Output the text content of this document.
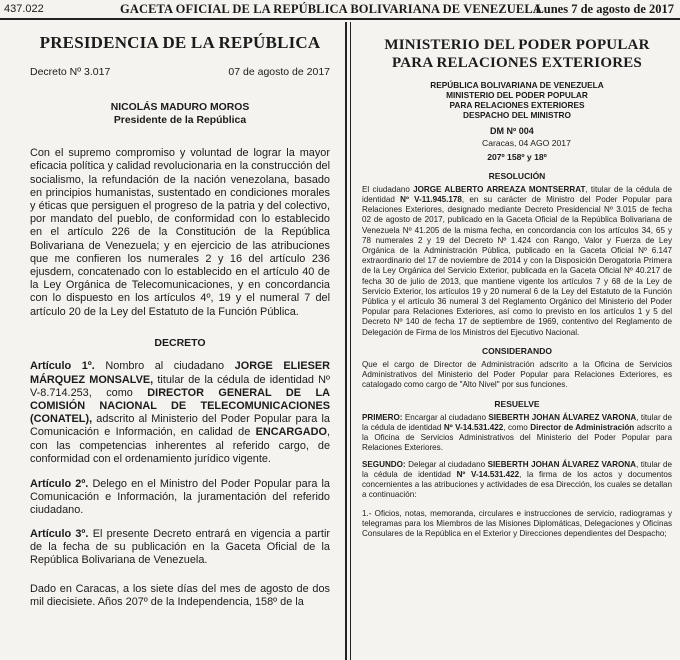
437.022	GACETA OFICIAL DE LA REPÚBLICA BOLIVARIANA DE VENEZUELA
Lunes 7 de agosto de 2017
PRESIDENCIA DE LA REPÚBLICA
Decreto Nº 3.017	07 de agosto de 2017
NICOLÁS MADURO MOROS
Presidente de la República

Con el supremo compromiso y voluntad de lograr la mayor eficacia política y calidad revolucionaria en la construcción del socialismo, la refundación de la nación venezolana, basado en principios humanistas, sustentado en condiciones morales y éticas que persiguen el progreso de la patria y del colectivo, por mandato del pueblo, de conformidad con lo establecido en el artículo 226 de la Constitución de la República Bolivariana de Venezuela; y en ejercicio de las atribuciones que me confieren los numerales 2 y 16 del artículo 236 ejusdem, concatenado con lo establecido en el artículo 40 de la Ley Orgánica de Telecomunicaciones, y en concordancia con lo dispuesto en los artículos 4º, 19 y el numeral 7 del artículo 20 de la Ley del Estatuto de la Función Pública.

DECRETO

Artículo 1º. Nombro al ciudadano JORGE ELIESER MÁRQUEZ MONSALVE, titular de la cédula de identidad Nº V-8.714.253, como DIRECTOR GENERAL DE LA COMISIÓN NACIONAL DE TELECOMUNICACIONES (CONATEL), adscrito al Ministerio del Poder Popular para la Comunicación e Información, en calidad de ENCARGADO, con las competencias inherentes al referido cargo, de conformidad con el ordenamiento jurídico vigente.

Artículo 2º. Delego en el Ministro del Poder Popular para la Comunicación e Información, la juramentación del referido ciudadano.

Artículo 3º. El presente Decreto entrará en vigencia a partir de la fecha de su publicación en la Gaceta Oficial de la República Bolivariana de Venezuela.

Dado en Caracas, a los siete días del mes de agosto de dos mil diecisiete. Años 207º de la Independencia, 158º de la

MINISTERIO DEL PODER POPULAR PARA RELACIONES EXTERIORES
REPÚBLICA BOLIVARIANA DE VENEZUELA
MINISTERIO DEL PODER POPULAR
PARA RELACIONES EXTERIORES
DESPACHO DEL MINISTRO
DM Nº 004
Caracas, 04 AGO 2017
207º 158º y 18º
RESOLUCIÓN

El ciudadano JORGE ALBERTO ARREAZA MONTSERRAT, titular de la cédula de identidad Nº V-11.945.178, en su carácter de Ministro del Poder Popular para Relaciones Exteriores, designado mediante Decreto Presidencial Nº 3.015 de fecha 02 de agosto de 2017, publicado en la Gaceta Oficial de la República Bolivariana de Venezuela Nº 41.205 de la misma fecha, en concordancia con los artículos 34, 65 y 78 numerales 2 y 19 del Decreto Nº 1.424 con Rango, Valor y Fuerza de Ley Orgánica de la Administración Pública, publicado en la Gaceta Oficial Nº 6.147 extraordinario del 17 de noviembre de 2014 y con la Disposición Derogatoria Primera de la Ley Orgánica del Servicio Exterior, publicada en la Gaceta Oficial Nº 40.217 de fecha 30 de julio de 2013, que mantiene vigente los artículos 7 y 68 de la Ley de Servicio Exterior, los artículos 19 y 20 numeral 6 de la Ley del Estatuto de la Función Pública y el artículo 36 numeral 3 del Reglamento Orgánico del Ministerio del Poder Popular para Relaciones Exteriores, así como lo previsto en los artículos 1 y 5 del Decreto Nº 140 de fecha 17 de septiembre de 1969, contentivo del Reglamento de Delegación de Firma de los Ministros del Ejecutivo Nacional.

CONSIDERANDO

Que el cargo de Director de Administración adscrito a la Oficina de Servicios Administrativos del Ministerio del Poder Popular para Relaciones Exteriores, es catalogado como cargo de "Alto Nivel" por sus funciones.

RESUELVE

PRIMERO: Encargar al ciudadano SIEBERTH JOHAN ÁLVAREZ VARONA, titular de la cédula de identidad Nº V-14.531.422, como Director de Administración adscrito a la Oficina de Servicios Administrativos del Ministerio del Poder Popular para Relaciones Exteriores.

SEGUNDO: Delegar al ciudadano SIEBERTH JOHAN ÁLVAREZ VARONA, titular de la cédula de identidad Nº V-14.531.422, la firma de los actos y documentos concernientes a las atribuciones y actividades de esa Dirección, los cuales se detallan a continuación:

1.- Oficios, notas, memoranda, circulares e instrucciones de servicio, radiogramas y telegramas para los Miembros de las Misiones Diplomáticas, Delegaciones y Oficinas Consulares de la República en el Exterior y Direcciones dependientes del Despacho;
